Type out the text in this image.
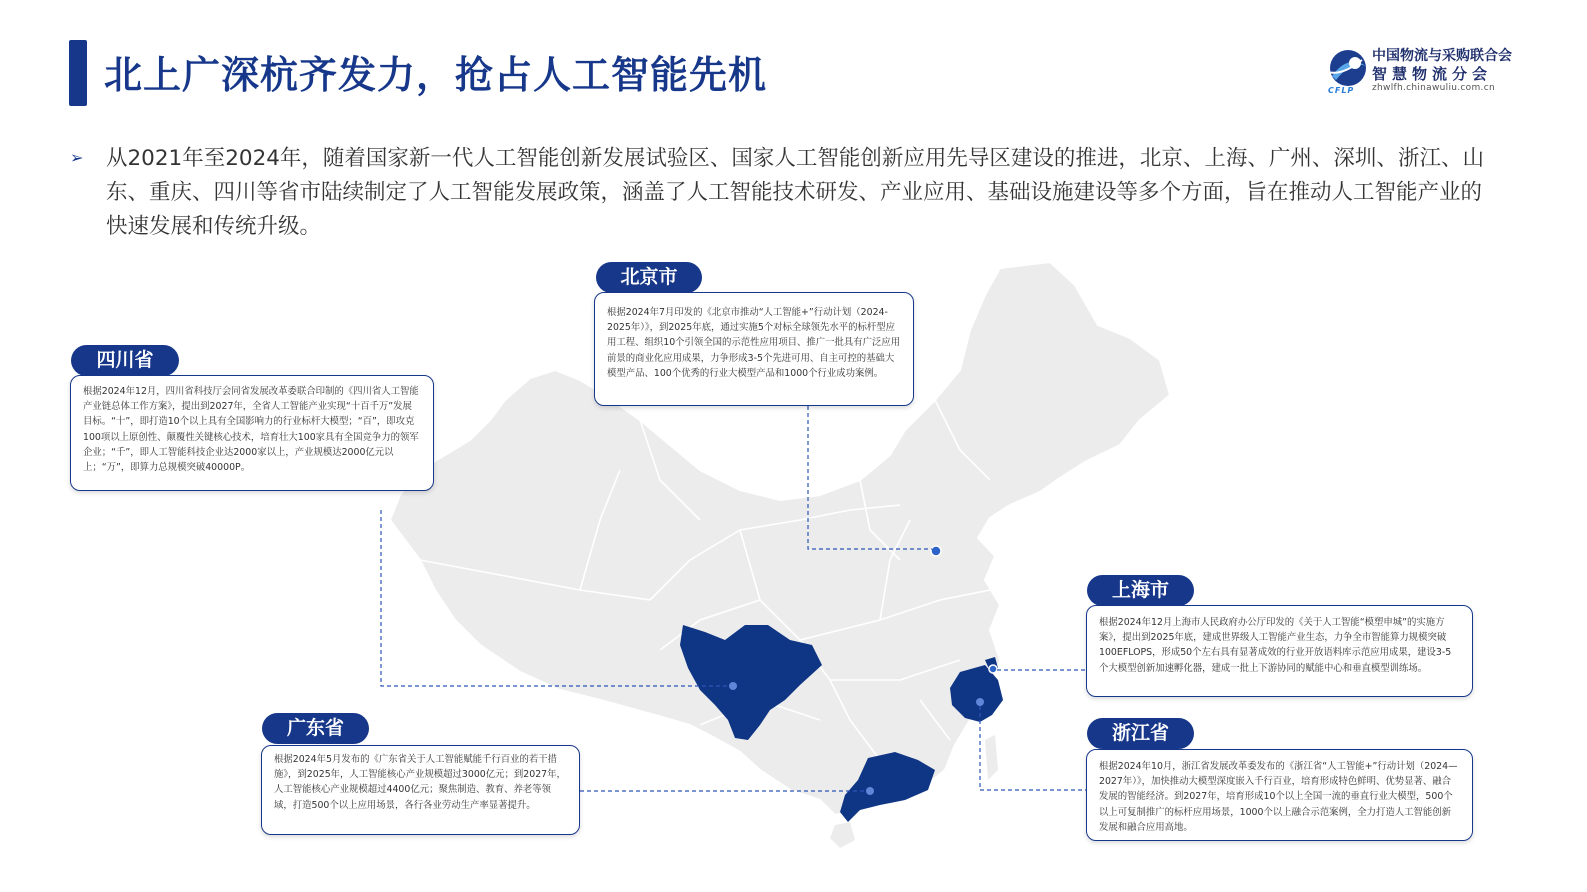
北上广深杭齐发力，抢占人工智能先机	中国物流与采购联合会
智慧物流分会
zhwlfh.chinawuliu.com.cn
CFLP
➢ 从2021年至2024年，随着国家新一代人工智能创新发展试验区、国家人工智能创新应用先导区建设的推进，北京、上海、广州、深圳、浙江、山东、重庆、四川等省市陆续制定了人工智能发展政策，涵盖了人工智能技术研发、产业应用、基础设施建设等多个方面，旨在推动人工智能产业的快速发展和传统升级。
根据2024年7月印发的《北京市推动“人工智能+”行动计划（2024-2025年）》，到2025年底，通过实施5个对标全球领先水平的标杆型应用工程、组织10个引领全国的示范性应用项目、推广一批具有广泛应用前景的商业化应用成果，力争形成3-5个先进可用、自主可控的基础大模型产品、100个优秀的行业大模型产品和1000个行业成功案例。
北京市
根据2024年12月，四川省科技厅会同省发展改革委联合印制的《四川省人工智能产业链总体工作方案》，提出到2027年，全省人工智能产业实现“十百千万”发展目标。“十”，即打造10个以上具有全国影响力的行业标杆大模型；“百”，即攻克100项以上原创性、颠覆性关键核心技术，培育壮大100家具有全国竞争力的领军企业；“千”，即人工智能科技企业达2000家以上，产业规模达2000亿元以上；“万”，即算力总规模突破40000P。
四川省
根据2024年12月上海市人民政府办公厅印发的《关于人工智能“模塑申城”的实施方案》，提出到2025年底，建成世界级人工智能产业生态，力争全市智能算力规模突破100EFLOPS，形成50个左右具有显著成效的行业开放语料库示范应用成果，建设3-5个大模型创新加速孵化器，建成一批上下游协同的赋能中心和垂直模型训练场。
上海市
根据2024年10月，浙江省发展改革委发布的《浙江省“人工智能+”行动计划（2024—2027年）》，加快推动大模型深度嵌入千行百业，培育形成特色鲜明、优势显著、融合发展的智能经济。到2027年，培育形成10个以上全国一流的垂直行业大模型，500个以上可复制推广的标杆应用场景，1000个以上融合示范案例，全力打造人工智能创新发展和融合应用高地。
浙江省
根据2024年5月发布的《广东省关于人工智能赋能千行百业的若干措施》，到2025年，人工智能核心产业规模超过3000亿元；到2027年，人工智能核心产业规模超过4400亿元；聚焦制造、教育、养老等领域，打造500个以上应用场景，各行各业劳动生产率显著提升。
广东省
